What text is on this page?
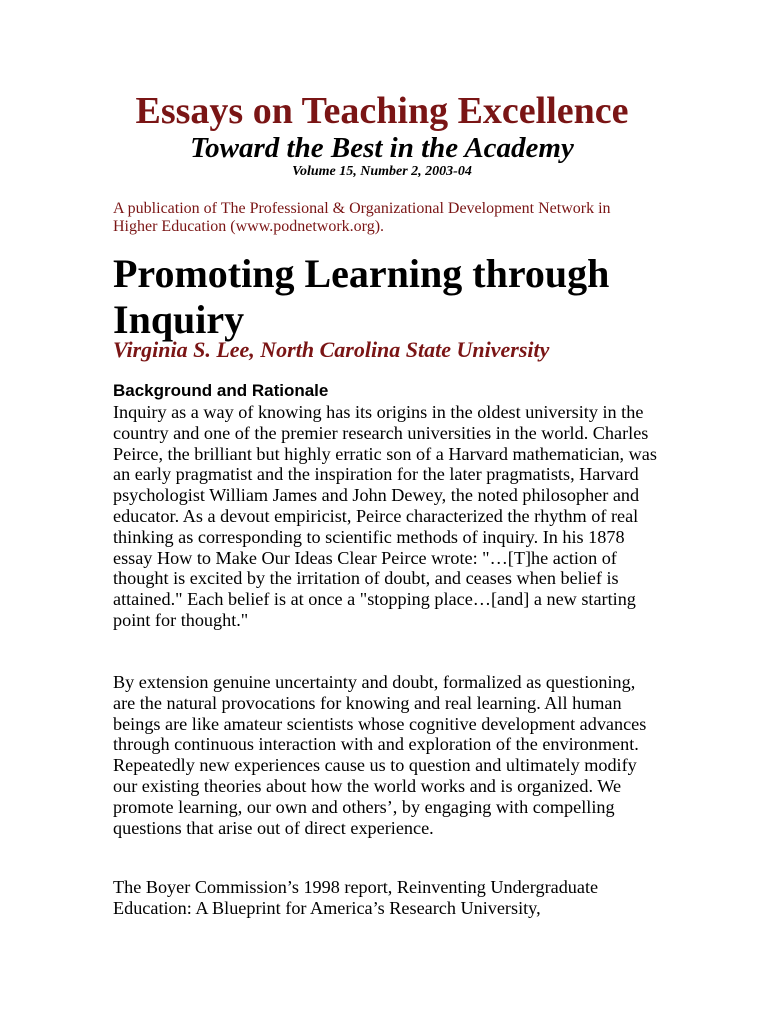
Essays on Teaching Excellence
Toward the Best in the Academy

Volume 15, Number 2, 2003-04

A publication of The Professional & Organizational Development Network in Higher Education (www.podnetwork.org).

Promoting Learning through Inquiry

Virginia S. Lee, North Carolina State University

Background and Rationale

Inquiry as a way of knowing has its origins in the oldest university in the country and one of the premier research universities in the world. Charles Peirce, the brilliant but highly erratic son of a Harvard mathematician, was an early pragmatist and the inspiration for the later pragmatists, Harvard psychologist William James and John Dewey, the noted philosopher and educator. As a devout empiricist, Peirce characterized the rhythm of real thinking as corresponding to scientific methods of inquiry. In his 1878 essay How to Make Our Ideas Clear Peirce wrote: "…[T]he action of thought is excited by the irritation of doubt, and ceases when belief is attained." Each belief is at once a "stopping place…[and] a new starting point for thought."

By extension genuine uncertainty and doubt, formalized as questioning, are the natural provocations for knowing and real learning. All human beings are like amateur scientists whose cognitive development advances through continuous interaction with and exploration of the environment. Repeatedly new experiences cause us to question and ultimately modify our existing theories about how the world works and is organized. We promote learning, our own and others’, by engaging with compelling questions that arise out of direct experience.

The Boyer Commission’s 1998 report, Reinventing Undergraduate Education: A Blueprint for America’s Research University,
